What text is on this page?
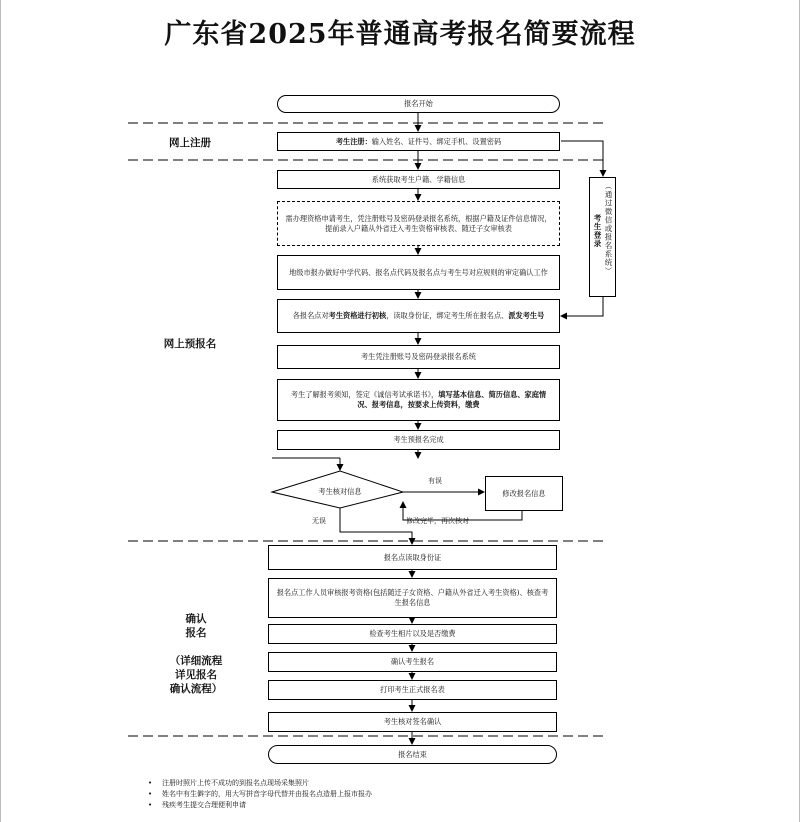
广东省2025年普通高考报名简要流程
网上注册
网上预报名
确认
报名
（详细流程
详见报名
确认流程）
报名开始
考生注册：输入姓名、证件号、绑定手机、设置密码
系统获取考生户籍、学籍信息
需办理资格申请考生，凭注册账号及密码登录报名系统，根据户籍及证件信息情况，提前录入户籍从外省迁入考生资格审核表、随迁子女审核表
地级市报办做好中学代码、报名点代码及报名点与考生号对应规则的审定确认工作
各报名点对考生资格进行初核，读取身份证，绑定考生所在报名点、派发考生号
考生凭注册账号及密码登录报名系统
考生了解报考须知，签定《诚信考试承诺书》，填写基本信息、简历信息、家庭情况、报考信息，按要求上传资料，缴费
考生预报名完成
考生核对信息	修改报名信息
有误
无误	修改完毕，再次核对
报名点读取身份证
报名点工作人员审核报考资格(包括随迁子女资格、户籍从外省迁入考生资格)、核查考生报名信息
检查考生相片以及是否缴费
确认考生报名
打印考生正式报名表
考生核对签名确认
报名结束
（通过微信或报名系统）
考生登录
• 注册时照片上传不成功的到报名点现场采集照片
• 姓名中有生僻字的，用大写拼音字母代替并由报名点造册上报市报办
• 残疾考生提交合理便利申请
